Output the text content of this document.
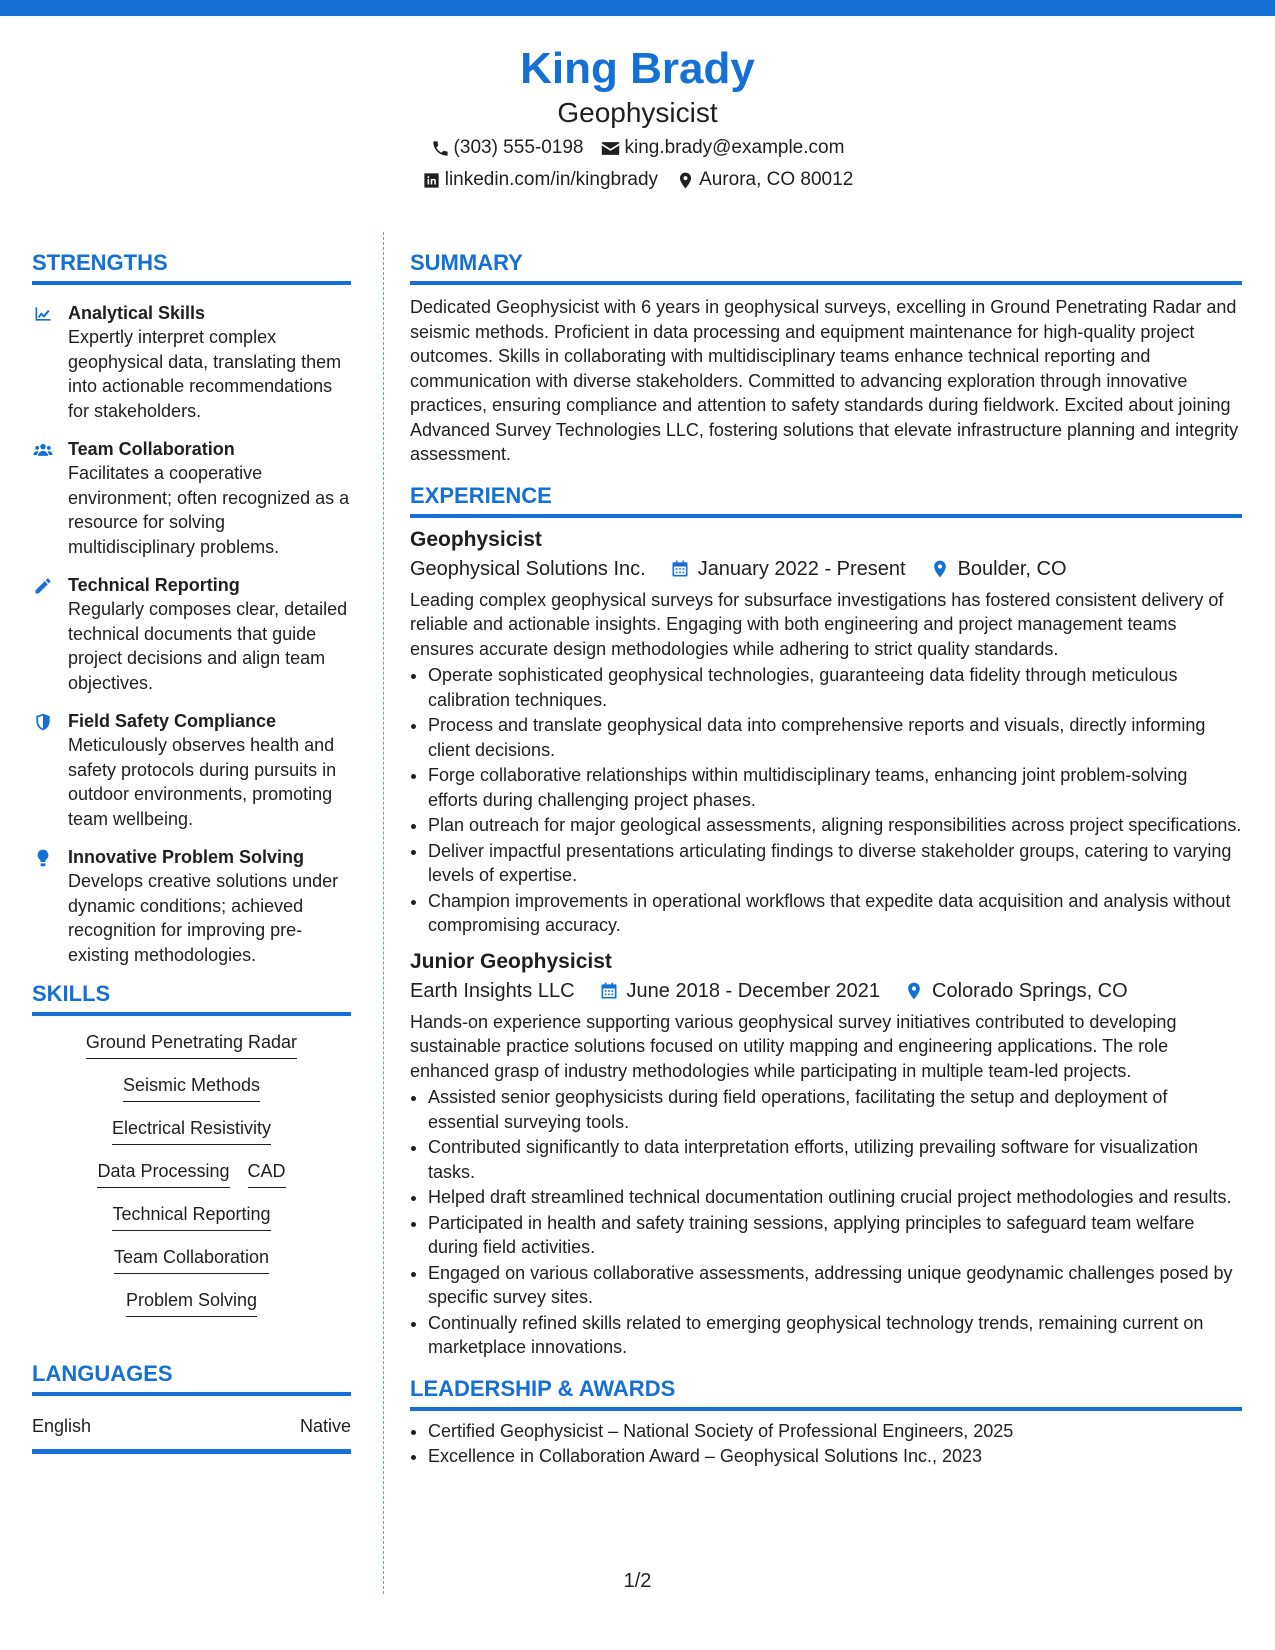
King Brady

Geophysicist

(303) 555-0198 king.brady@example.com
linkedin.com/in/kingbrady Aurora, CO 80012
STRENGTHS
Analytical Skills

Expertly interpret complex geophysical data, translating them into actionable recommendations for stakeholders.

Team Collaboration

Facilitates a cooperative environment; often recognized as a resource for solving multidisciplinary problems.

Technical Reporting

Regularly composes clear, detailed technical documents that guide project decisions and align team objectives.

Field Safety Compliance

Meticulously observes health and safety protocols during pursuits in outdoor environments, promoting team wellbeing.

Innovative Problem Solving

Develops creative solutions under dynamic conditions; achieved recognition for improving pre-existing methodologies.

SKILLS
Ground Penetrating Radar
Seismic Methods
Electrical Resistivity
Data Processing CAD
Technical Reporting
Team Collaboration
Problem Solving
LANGUAGES
English	Native
SUMMARY

Dedicated Geophysicist with 6 years in geophysical surveys, excelling in Ground Penetrating Radar and seismic methods. Proficient in data processing and equipment maintenance for high-quality project outcomes. Skills in collaborating with multidisciplinary teams enhance technical reporting and communication with diverse stakeholders. Committed to advancing exploration through innovative practices, ensuring compliance and attention to safety standards during fieldwork. Excited about joining Advanced Survey Technologies LLC, fostering solutions that elevate infrastructure planning and integrity assessment.

EXPERIENCE
Geophysicist
Geophysical Solutions Inc.	January 2022 - Present	Boulder, CO

Leading complex geophysical surveys for subsurface investigations has fostered consistent delivery of reliable and actionable insights. Engaging with both engineering and project management teams ensures accurate design methodologies while adhering to strict quality standards.

• Operate sophisticated geophysical technologies, guaranteeing data fidelity through meticulous calibration techniques.
• Process and translate geophysical data into comprehensive reports and visuals, directly informing client decisions.
• Forge collaborative relationships within multidisciplinary teams, enhancing joint problem-solving efforts during challenging project phases.
• Plan outreach for major geological assessments, aligning responsibilities across project specifications.
• Deliver impactful presentations articulating findings to diverse stakeholder groups, catering to varying levels of expertise.
• Champion improvements in operational workflows that expedite data acquisition and analysis without compromising accuracy.
Junior Geophysicist
Earth Insights LLC	June 2018 - December 2021	Colorado Springs, CO

Hands-on experience supporting various geophysical survey initiatives contributed to developing sustainable practice solutions focused on utility mapping and engineering applications. The role enhanced grasp of industry methodologies while participating in multiple team-led projects.

• Assisted senior geophysicists during field operations, facilitating the setup and deployment of essential surveying tools.
• Contributed significantly to data interpretation efforts, utilizing prevailing software for visualization tasks.
• Helped draft streamlined technical documentation outlining crucial project methodologies and results.
• Participated in health and safety training sessions, applying principles to safeguard team welfare during field activities.
• Engaged on various collaborative assessments, addressing unique geodynamic challenges posed by specific survey sites.
• Continually refined skills related to emerging geophysical technology trends, remaining current on marketplace innovations.
LEADERSHIP & AWARDS
• Certified Geophysicist – National Society of Professional Engineers, 2025
• Excellence in Collaboration Award – Geophysical Solutions Inc., 2023
1/2
